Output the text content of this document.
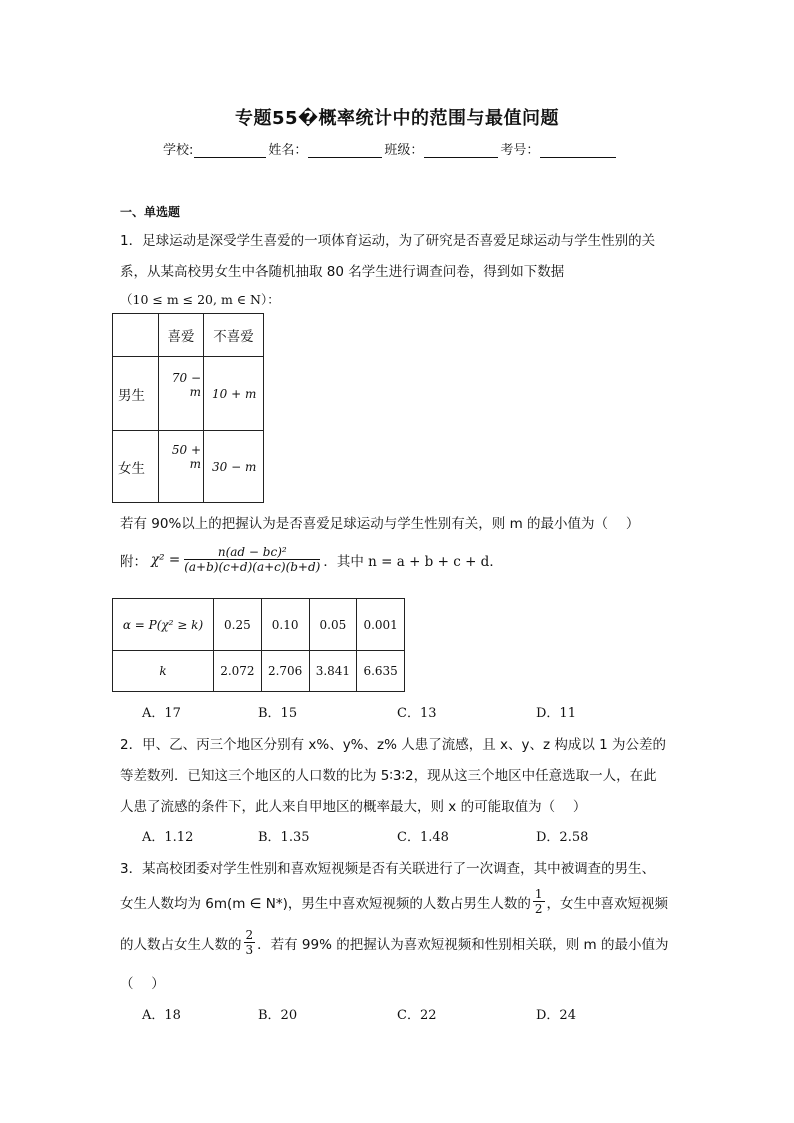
专题55�概率统计中的范围与最值问题
学校:	姓名：	班级：	考号：
一、单选题
1．足球运动是深受学生喜爱的一项体育运动，为了研究是否喜爱足球运动与学生性别的关
系，从某高校男女生中各随机抽取 80 名学生进行调查问卷，得到如下数据
（10 ≤ m ≤ 20, m ∈ N）：
	喜爱	不喜爱
男生	70 − m	10 + m
女生	50 + m	30 − m
若有 90%以上的把握认为是否喜爱足球运动与学生性别有关，则 m 的最小值为（　 ）
附： $\chi^2 = \frac{\text{n(ad − bc)²}}{(a+b)(c+d)(a+c)(b+d)}$ ．其中 n = a + b + c + d．
α = P(χ² ≥ k)	0.25	0.10	0.05	0.001
k	2.072	2.706	3.841	6.635
A．17	B．15	C．13	D．11
2．甲、乙、丙三个地区分别有 x%、y%、z% 人患了流感，且 x、y、z 构成以 1 为公差的
等差数列．已知这三个地区的人口数的比为 5∶3∶2，现从这三个地区中任意选取一人，在此
人患了流感的条件下，此人来自甲地区的概率最大，则 x 的可能取值为（　 ）
A．1.12	B．1.35	C．1.48	D．2.58
3．某高校团委对学生性别和喜欢短视频是否有关联进行了一次调查，其中被调查的男生、
女生人数均为 6m(m ∈ N*)，男生中喜欢短视频的人数占男生人数的 $\frac{1}{2}$ ，女生中喜欢短视频
的人数占女生人数的 $\frac{2}{3}$ ．若有 99% 的把握认为喜欢短视频和性别相关联，则 m 的最小值为
（　 ）
A．18	B．20	C．22	D．24
